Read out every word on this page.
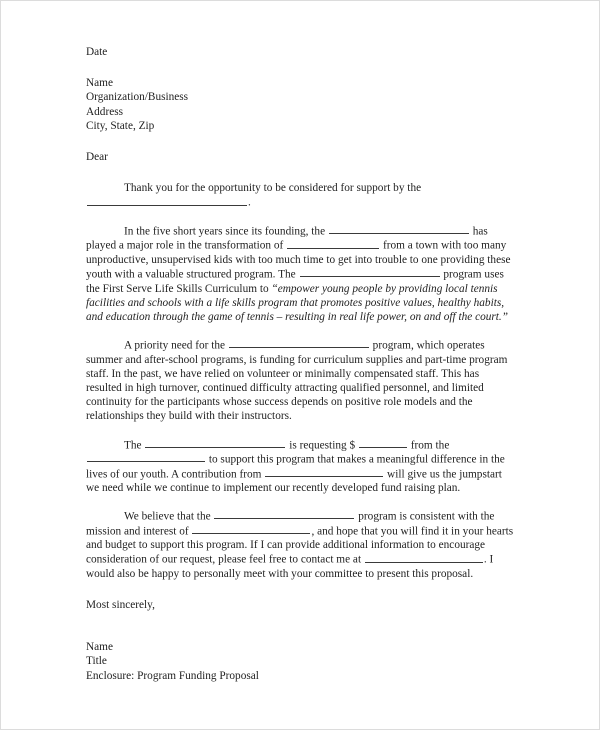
Date
Name
Organization/Business
Address
City, State, Zip
Dear

Thank you for the opportunity to be considered for support by the .

In the five short years since its founding, the	has played a major role in the transformation of	from a town with too many unproductive, unsupervised kids with too much time to get into trouble to one providing these youth with a valuable structured program. The	program uses the First Serve Life Skills Curriculum to “empower young people by providing local tennis facilities and schools with a life skills program that promotes positive values, healthy habits, and education through the game of tennis – resulting in real life power, on and off the court.”

A priority need for the	program, which operates summer and after-school programs, is funding for curriculum supplies and part-time program staff. In the past, we have relied on volunteer or minimally compensated staff. This has resulted in high turnover, continued difficulty attracting qualified personnel, and limited continuity for the participants whose success depends on positive role models and the relationships they build with their instructors.

The	is requesting $	from the  to support this program that makes a meaningful difference in the lives of our youth. A contribution from	will give us the jumpstart we need while we continue to implement our recently developed fund raising plan.

We believe that the	program is consistent with the mission and interest of	, and hope that you will find it in your hearts and budget to support this program. If I can provide additional information to encourage consideration of our request, please feel free to contact me at	. I would also be happy to personally meet with your committee to present this proposal.

Most sincerely,
Name
Title
Enclosure: Program Funding Proposal
